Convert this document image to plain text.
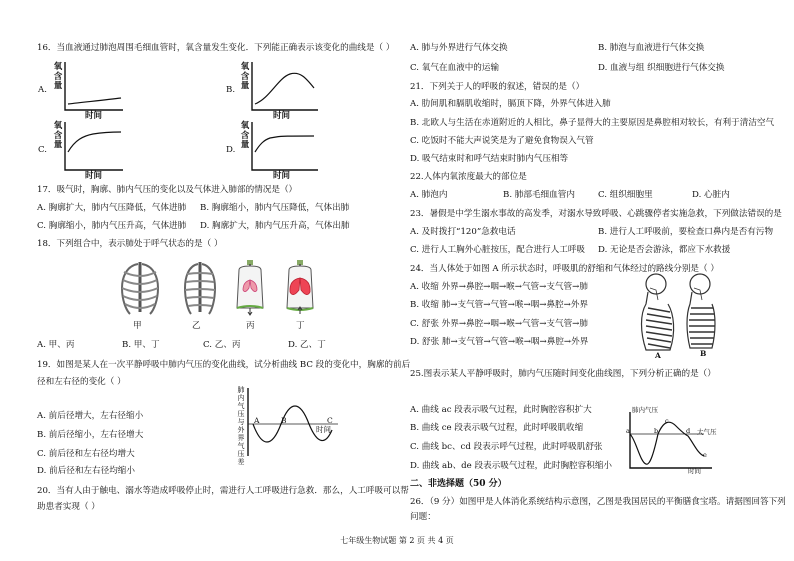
16．当血液通过肺泡周围毛细血管时，氧含量发生变化．下列能正确表示该变化的曲线是（ ）
A.
氧含量
时间
B.
氧含量
时间
C.
氧含量
时间
D.
氧含量
时间
17．吸气时，胸廓、肺内气压的变化以及气体进入肺部的情况是（）
A. 胸廓扩大，肺内气压降低，气体进肺 B. 胸廓缩小，肺内气压降低，气体出肺
C. 胸廓缩小，肺内气压升高，气体进肺 D. 胸廓扩大，肺内气压升高，气体出肺
18．下列组合中，表示肺处于呼气状态的是（ ）
甲	乙	丙	丁
A. 甲、丙	B. 甲、丁	C. 乙、丙	D. 乙、丁
19．如图是某人在一次平静呼吸中肺内气压的变化曲线，试分析曲线 BC 段的变化中，胸廓的前后
径和左右径的变化（ ）
肺内气压与外界气压差
A	B	C
时间
A. 前后径增大，左右径缩小
B. 前后径缩小，左右径增大
C. 前后径和左右径均增大
D. 前后径和左右径均缩小
20．当有人由于触电、溺水等造成呼吸停止时，需进行人工呼吸进行急救．那么，人工呼吸可以帮
助患者实现（ ）
A. 肺与外界进行气体交换	B. 肺泡与血液进行气体交换
C. 氧气在血液中的运输	D. 血液与组 织细胞进行气体交换
21．下列关于人的呼吸的叙述，错误的是（）
A. 肋间肌和膈肌收缩时，膈顶下降，外界气体进入肺
B. 北欧人与生活在赤道附近的人相比，鼻子显得大的主要原因是鼻腔相对较长，有利于清洁空气
C. 吃饭时不能大声说笑是为了避免食物误入气管
D. 吸气结束时和呼气结束时肺内气压相等
22.人体内氧浓度最大的部位是
A. 肺泡内	B. 肺部毛细血管内	C. 组织细胞里	D. 心脏内
23．暑假是中学生溺水事故的高发季，对溺水导致呼吸、心跳骤停者实施急救，下列做法错误的是
A. 及时拨打“120”急救电话	B. 进行人工呼吸前，要检查口鼻内是否有污物
C. 进行人工胸外心脏按压，配合进行人工呼吸 D. 无论是否会游泳，都应下水救援
24．当人体处于如图 A 所示状态时，呼吸肌的舒缩和气体经过的路线分别是（ ）
A. 收缩 外界→鼻腔→咽→喉→气管→支气管→肺
B. 收缩 肺→支气管→气管→喉→咽→鼻腔→外界
C. 舒张 外界→鼻腔→咽→喉→气管→支气管→肺
D. 舒张 肺→支气管→气管→喉→咽→鼻腔→外界
A	B
25.图表示某人平静呼吸时，肺内气压随时间变化曲线图，下列分析正确的是（）
A. 曲线 ac 段表示吸气过程，此时胸腔容积扩大
B. 曲线 ce 段表示吸气过程，此时呼吸肌收缩
C. 曲线 bc、cd 段表示呼气过程，此时呼吸肌舒张
D. 曲线 ab、de 段表示吸气过程，此时胸腔容积缩小
肺内气压
大气压
a	b
c
d
e
时间
二、非选择题（50 分）
26．（9 分）如图甲是人体消化系统结构示意图，乙图是我国居民的平衡膳食宝塔。请据图回答下列
问题：
七年级生物试题 第 2 页 共 4 页
